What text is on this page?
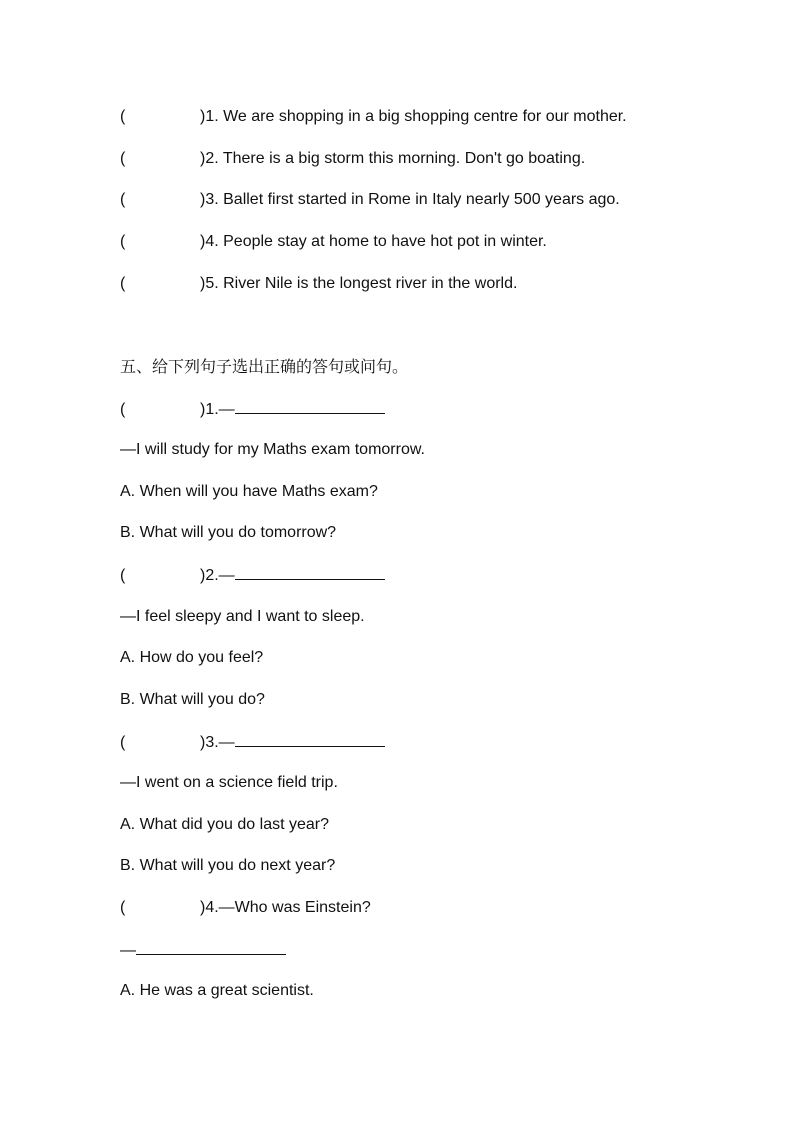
(	)1. We are shopping in a big shopping centre for our mother.
(	)2. There is a big storm this morning. Don't go boating.
(	)3. Ballet first started in Rome in Italy nearly 500 years ago.
(	)4. People stay at home to have hot pot in winter.
(	)5. River Nile is the longest river in the world.
五、给下列句子选出正确的答句或问句。
(	)1.—
—I will study for my Maths exam tomorrow.
A. When will you have Maths exam?
B. What will you do tomorrow?
(	)2.—
—I feel sleepy and I want to sleep.
A. How do you feel?
B. What will you do?
(	)3.—
—I went on a science field trip.
A. What did you do last year?
B. What will you do next year?
(	)4.—Who was Einstein?
—
A. He was a great scientist.
